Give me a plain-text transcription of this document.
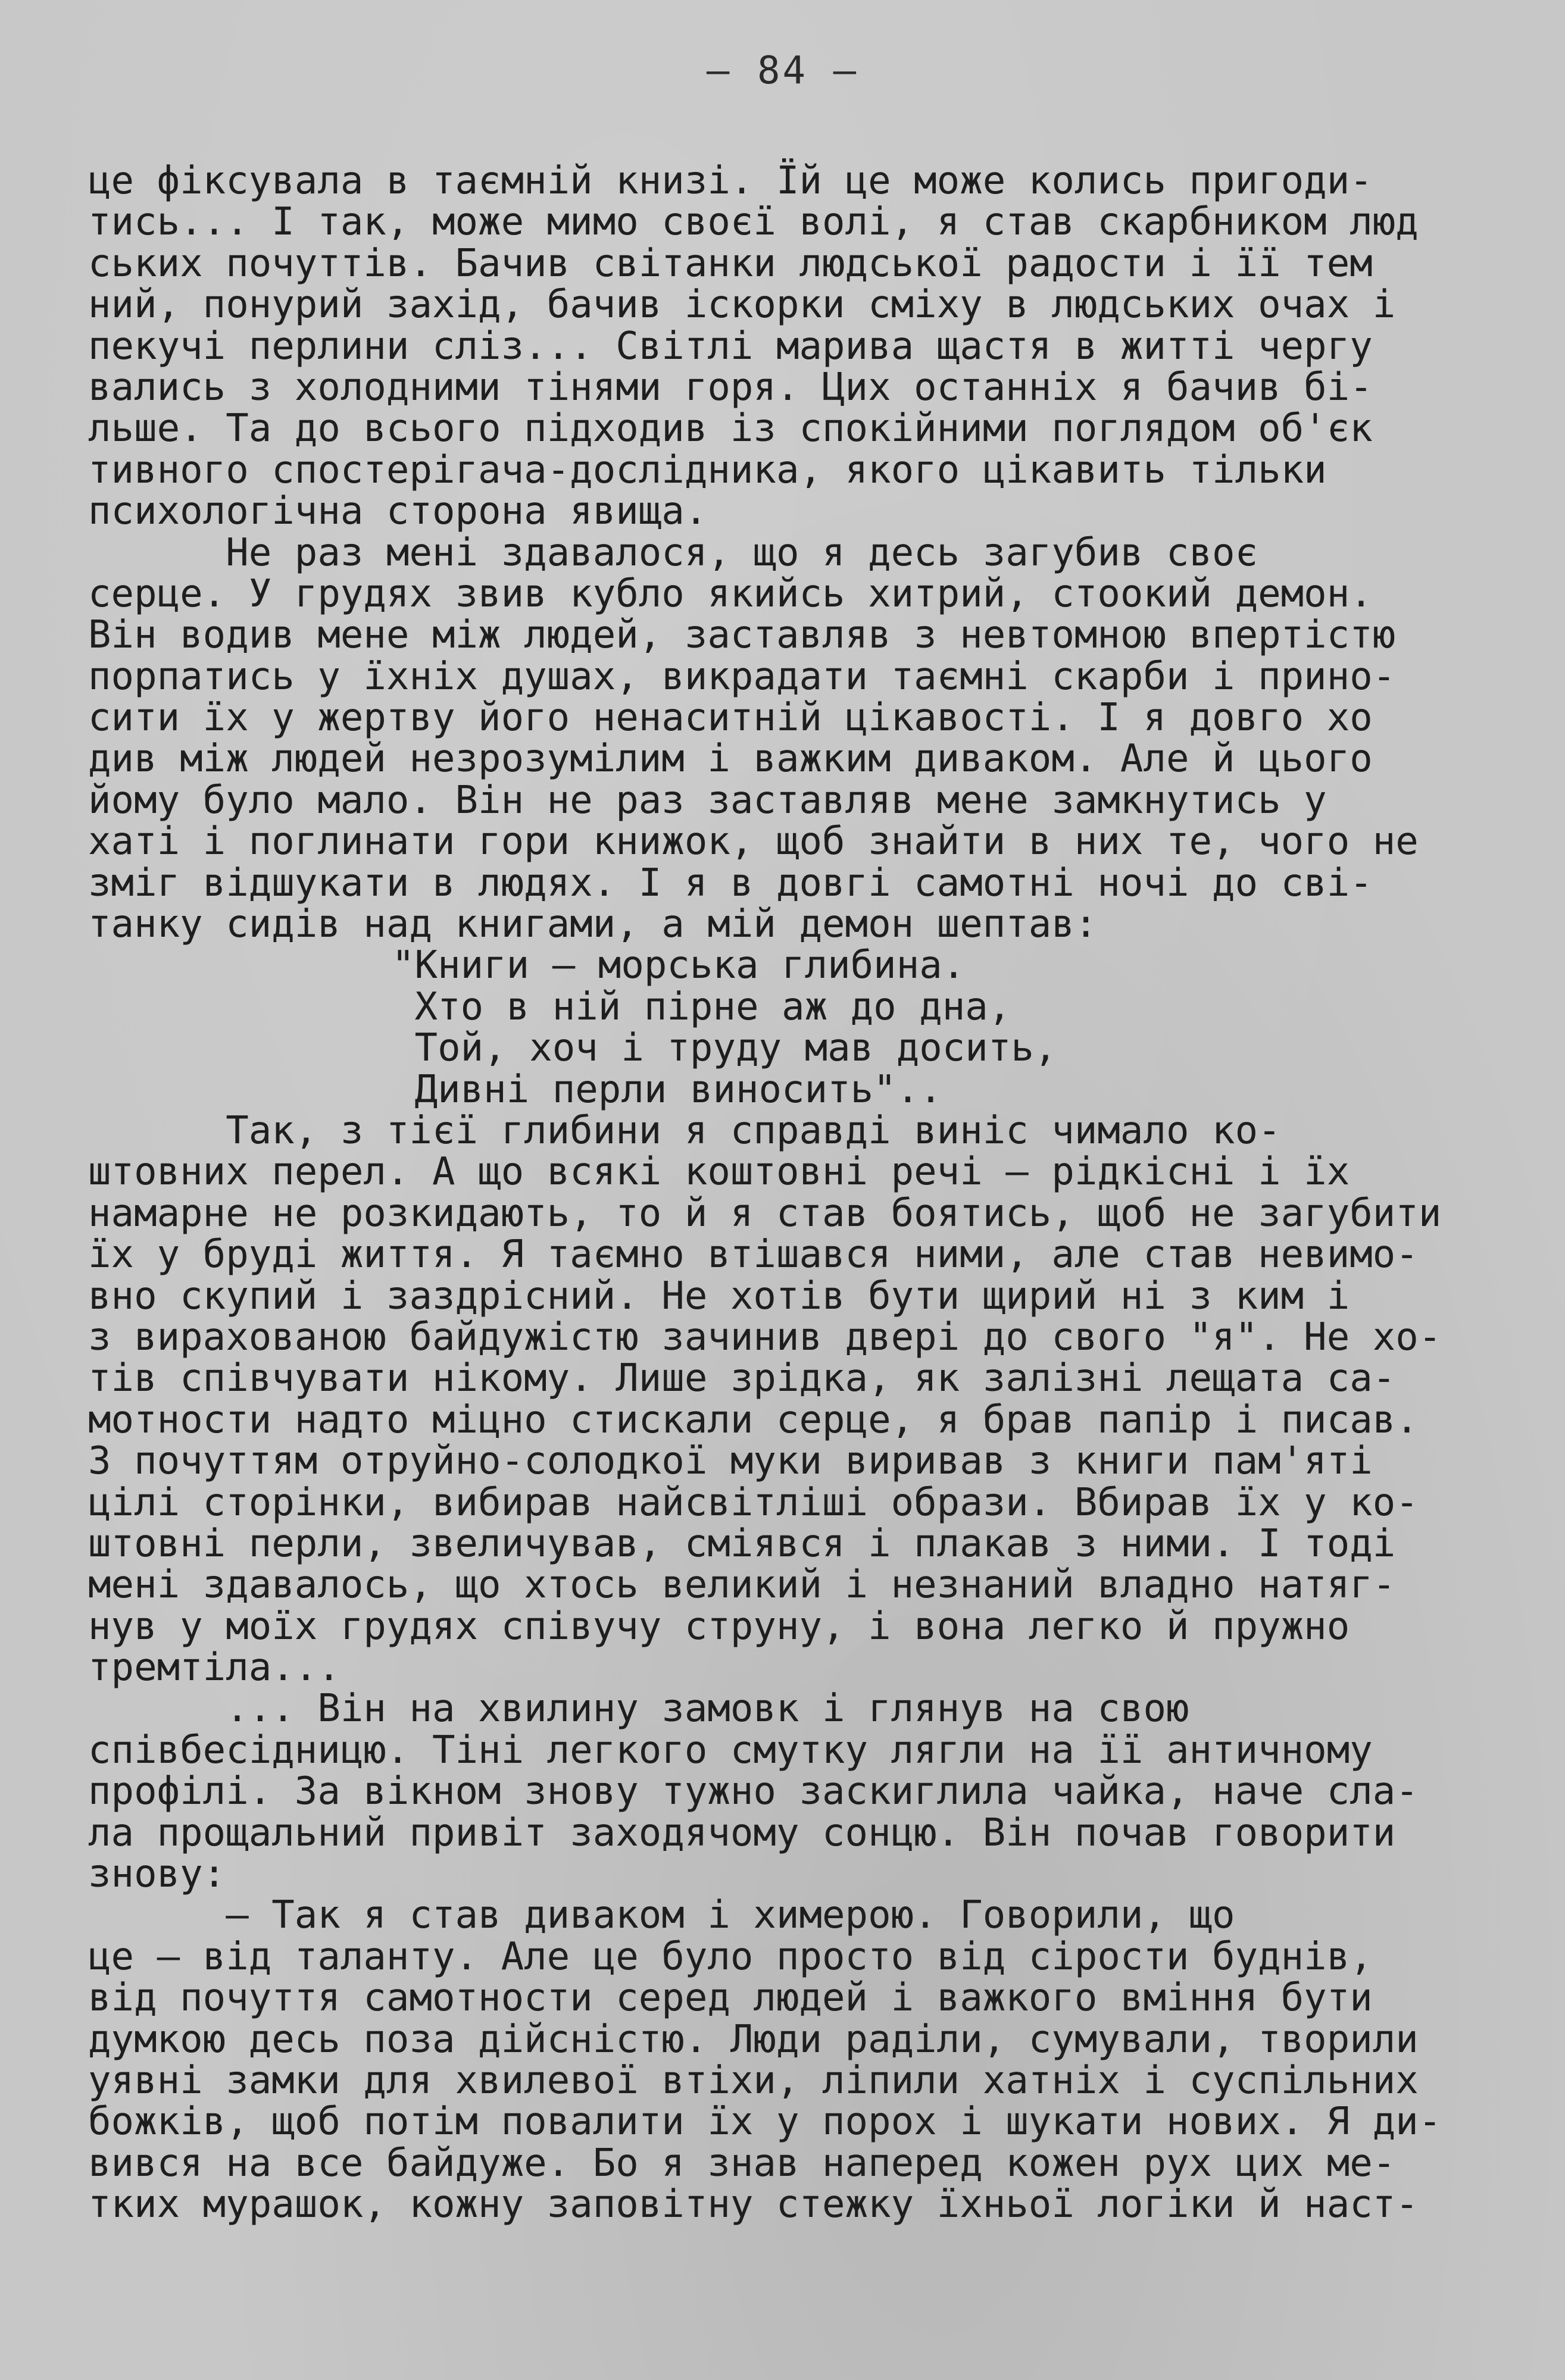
– 84 –
це фіксувала в таємній книзі. Їй це може колись пригоди-
тись... І так, може мимо своєї волі, я став скарбником люд
ських почуттів. Бачив світанки людської радости і її тем
ний, понурий захід, бачив іскорки сміху в людських очах і
пекучі перлини сліз... Світлі марива щастя в житті чергу
вались з холодними тінями горя. Цих останніх я бачив бі-
льше. Та до всього підходив із спокійними поглядом об'єк
тивного спостерігача-дослідника, якого цікавить тільки
психологічна сторона явища.
Не раз мені здавалося, що я десь загубив своє
серце. У грудях звив кубло якийсь хитрий, стоокий демон.
Він водив мене між людей, заставляв з невтомною впертістю
порпатись у їхніх душах, викрадати таємні скарби і прино-
сити їх у жертву його ненаситній цікавості. І я довго хо
див між людей незрозумілим і важким диваком. Але й цього
йому було мало. Він не раз заставляв мене замкнутись у
хаті і поглинати гори книжок, щоб знайти в них те, чого не
зміг відшукати в людях. І я в довгі самотні ночі до сві-
танку сидів над книгами, а мій демон шептав:
"Книги – морська глибина.
Хто в ній пірне аж до дна,
Той, хоч і труду мав досить,
Дивні перли виносить"..
Так, з тієї глибини я справді виніс чимало ко-
штовних перел. А що всякі коштовні речі – рідкісні і їх
намарне не розкидають, то й я став боятись, щоб не загубити
їх у бруді життя. Я таємно втішався ними, але став невимо-
вно скупий і заздрісний. Не хотів бути щирий ні з ким і
з вирахованою байдужістю зачинив двері до свого "я". Не хо-
тів співчувати нікому. Лише зрідка, як залізні лещата са-
мотности надто міцно стискали серце, я брав папір і писав.
З почуттям отруйно-солодкої муки виривав з книги пам'яті
цілі сторінки, вибирав найсвітліші образи. Вбирав їх у ко-
штовні перли, звеличував, сміявся і плакав з ними. І тоді
мені здавалось, що хтось великий і незнаний владно натяг-
нув у моїх грудях співучу струну, і вона легко й пружно
тремтіла...
... Він на хвилину замовк і глянув на свою
співбесідницю. Тіні легкого смутку лягли на її античному
профілі. За вікном знову тужно заскиглила чайка, наче сла-
ла прощальний привіт заходячому сонцю. Він почав говорити
знову:
– Так я став диваком і химерою. Говорили, що
це – від таланту. Але це було просто від сірости буднів,
від почуття самотности серед людей і важкого вміння бути
думкою десь поза дійсністю. Люди раділи, сумували, творили
уявні замки для хвилевої втіхи, ліпили хатніх і суспільних
божків, щоб потім повалити їх у порох і шукати нових. Я ди-
вився на все байдуже. Бо я знав наперед кожен рух цих ме-
тких мурашок, кожну заповітну стежку їхньої логіки й наст-
